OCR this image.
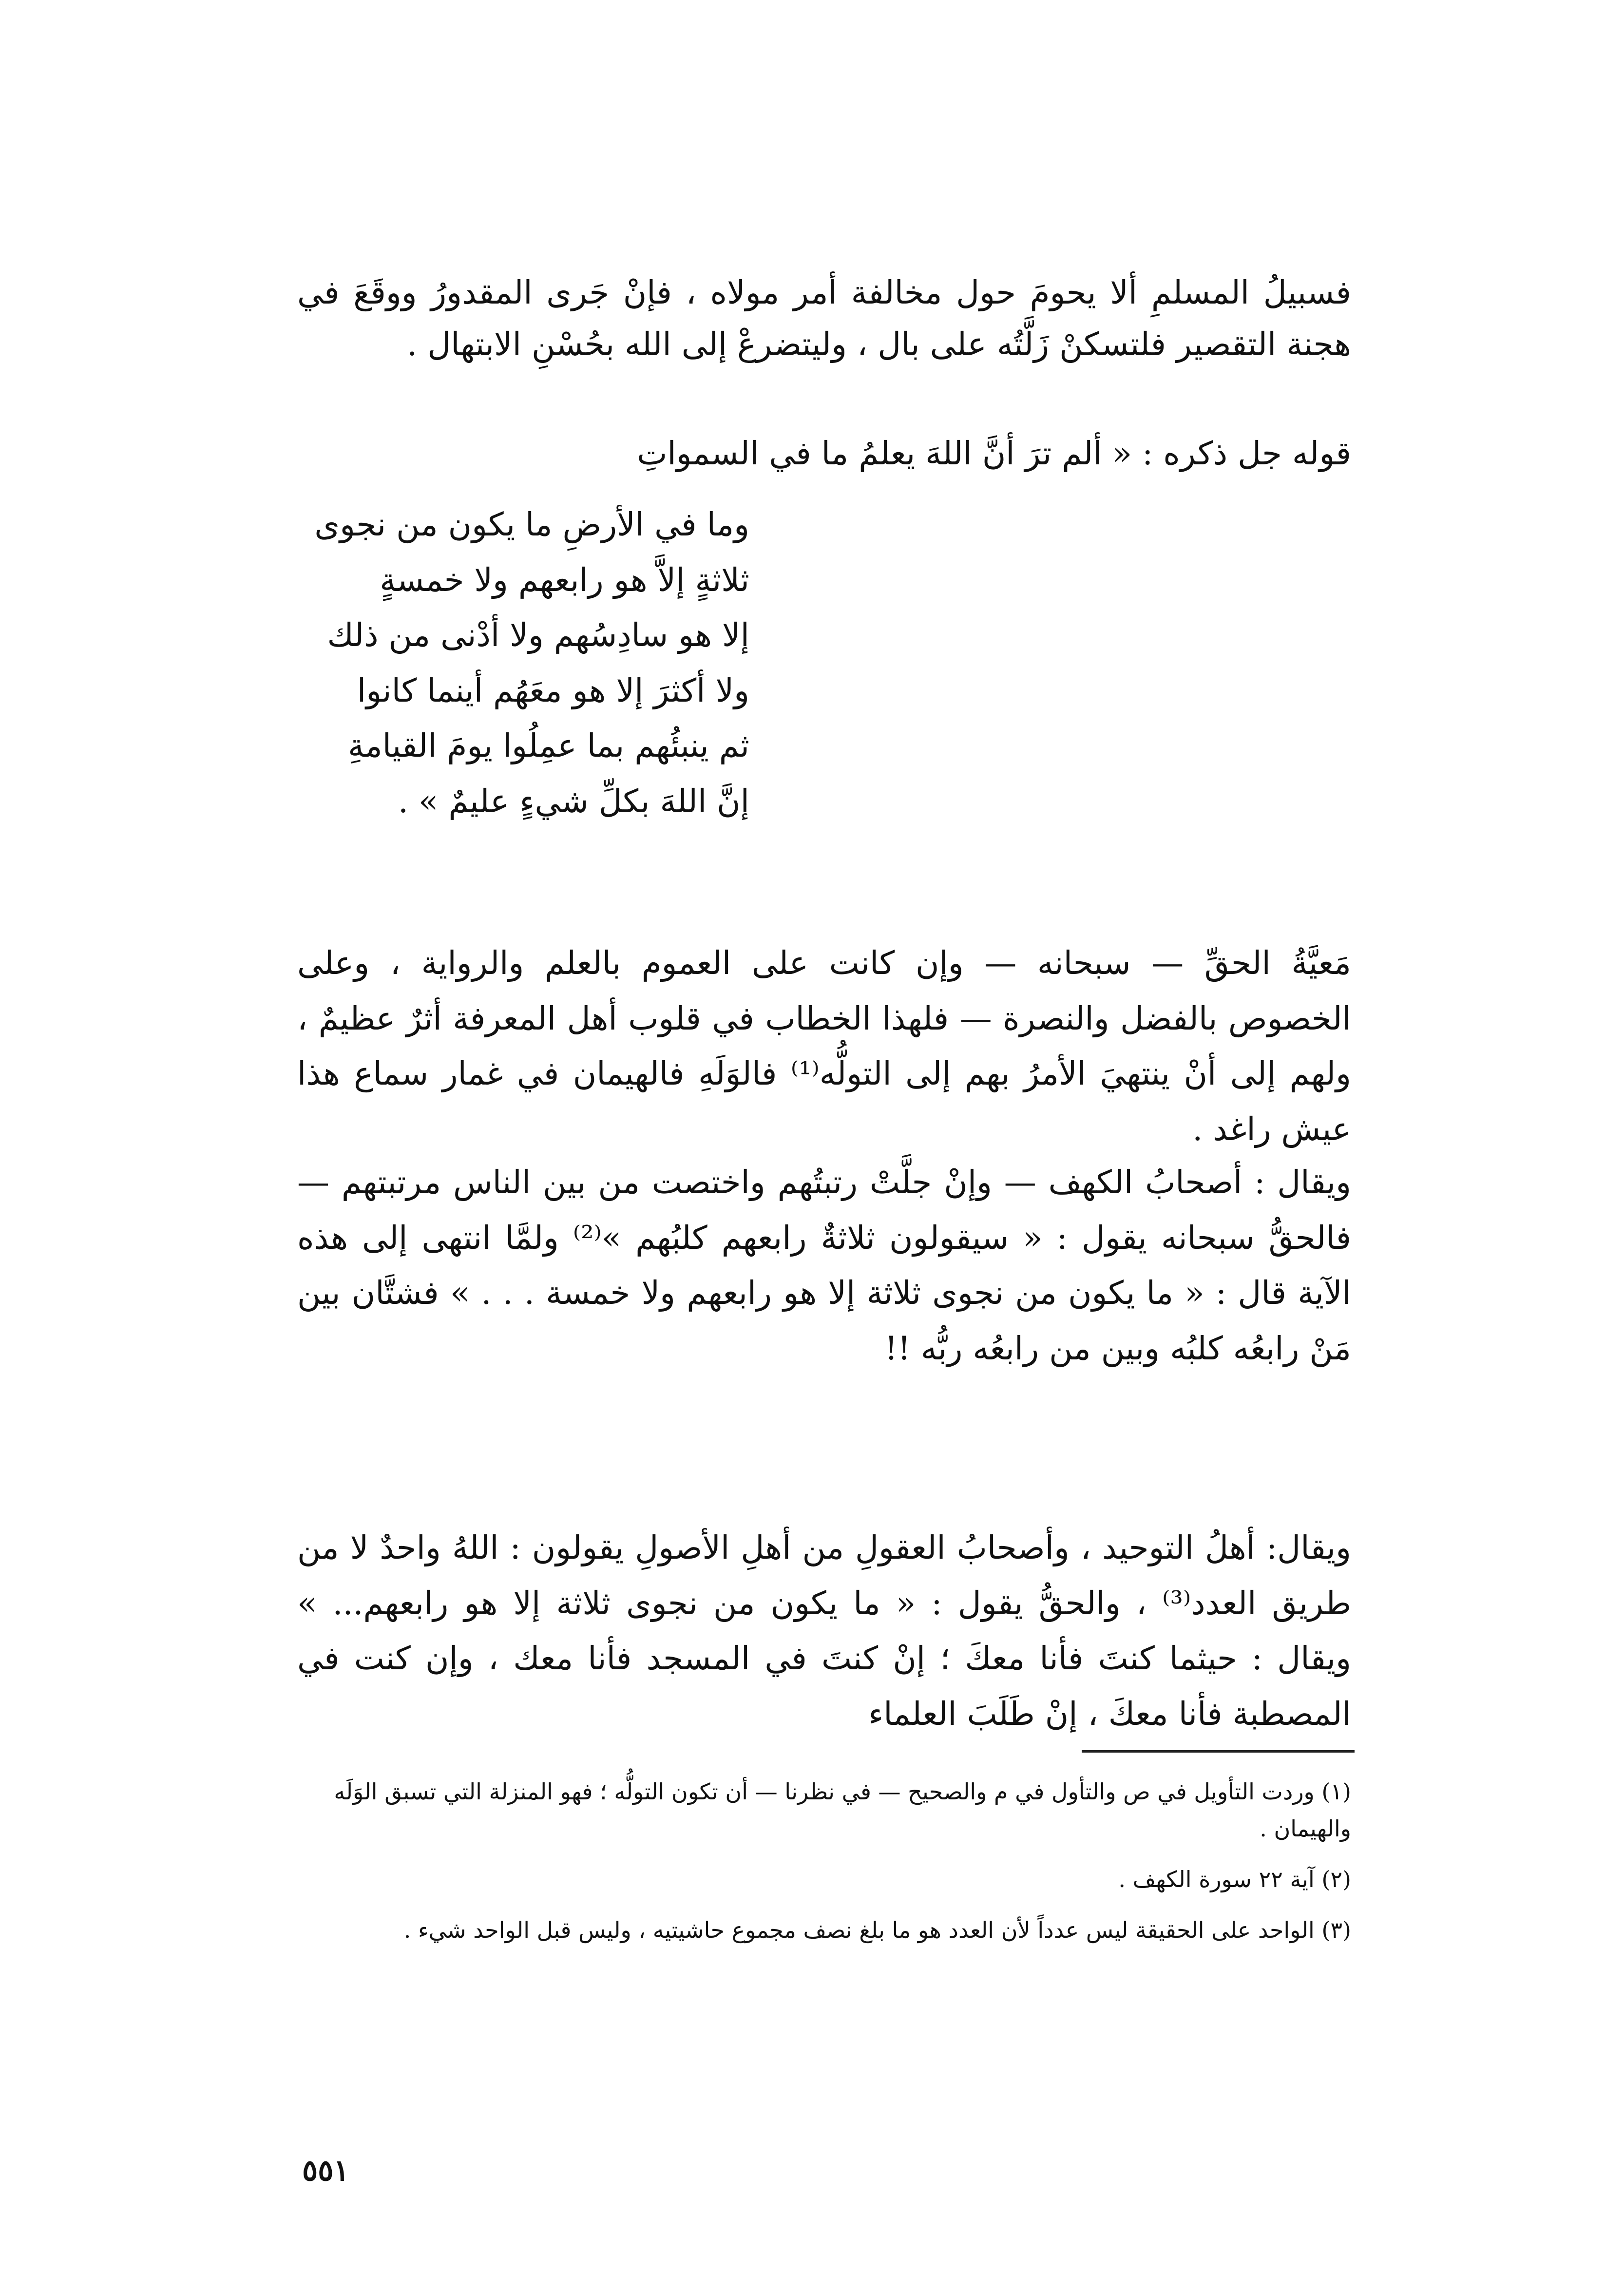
فسبيلُ المسلمِ ألا يحومَ حول مخالفة أمر مولاه ، فإنْ جَرى المقدورُ ووقَعَ في هجنة التقصير فلتسكنْ زَلَّتُه على بال ، وليتضرعْ إلى الله بحُسْنِ الابتهال .
قوله جل ذكره : « ألم ترَ أنَّ اللهَ يعلمُ ما في السمواتِ
وما في الأرضِ ما يكون من نجوى
ثلاثةٍ إلاَّ هو رابعهم ولا خمسةٍ
إلا هو سادِسُهم ولا أدْنى من ذلك
ولا أكثرَ إلا هو معَهُم أينما كانوا
ثم ينبئُهم بما عمِلُوا يومَ القيامةِ
إنَّ اللهَ بكلِّ شيءٍ عليمٌ » .
مَعيَّةُ الحقِّ — سبحانه — وإن كانت على العموم بالعلم والرواية ، وعلى الخصوص بالفضل والنصرة — فلهذا الخطاب في قلوب أهل المعرفة أثرٌ عظيمٌ ، ولهم إلى أنْ ينتهيَ الأمرُ بهم إلى التولُّه⁽¹⁾ فالوَلَهِ فالهيمان في غمار سماع هذا عيش راغد .
ويقال : أصحابُ الكهف — وإنْ جلَّتْ رتبتُهم واختصت من بين الناس مرتبتهم — فالحقُّ سبحانه يقول : « سيقولون ثلاثةٌ رابعهم كلبُهم »⁽²⁾ ولمَّا انتهى إلى هذه الآية قال : « ما يكون من نجوى ثلاثة إلا هو رابعهم ولا خمسة . . . » فشتَّان بين مَنْ رابعُه كلبُه وبين من رابعُه ربُّه !!
ويقال: أهلُ التوحيد ، وأصحابُ العقولِ من أهلِ الأصولِ يقولون : اللهُ واحدٌ لا من طريق العدد⁽³⁾ ، والحقُّ يقول : « ما يكون من نجوى ثلاثة إلا هو رابعهم... » ويقال : حيثما كنتَ فأنا معكَ ؛ إنْ كنتَ في المسجد فأنا معك ، وإن كنت في المصطبة فأنا معكَ ، إنْ طَلَبَ العلماء
(١) وردت التأويل في ص والتأول في م والصحيح — في نظرنا — أن تكون التولُّه ؛ فهو المنزلة التي تسبق الوَلَه والهيمان .
(٢) آية ٢٢ سورة الكهف .
(٣) الواحد على الحقيقة ليس عدداً لأن العدد هو ما بلغ نصف مجموع حاشيتيه ، وليس قبل الواحد شيء .
٥٥١
